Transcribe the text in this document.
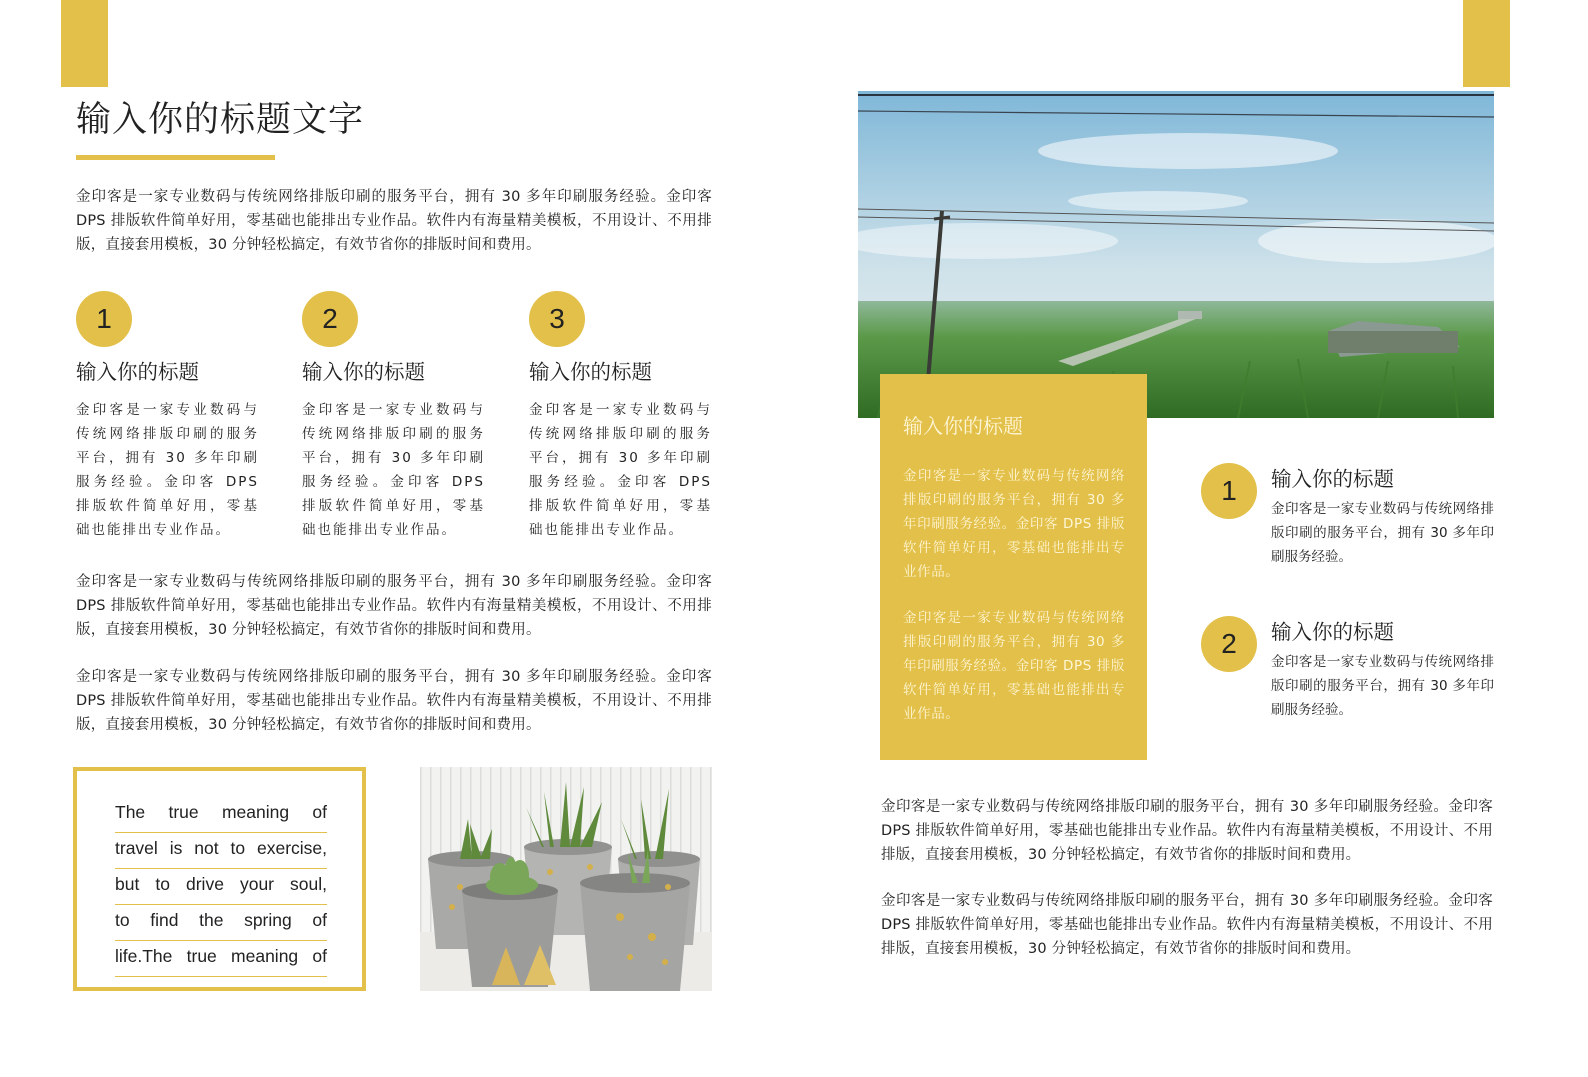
输入你的标题文字
金印客是一家专业数码与传统网络排版印刷的服务平台，拥有 30 多年印刷服务经验。金印客 DPS 排版软件简单好用，零基础也能排出专业作品。软件内有海量精美模板，不用设计、不用排版，直接套用模板，30 分钟轻松搞定，有效节省你的排版时间和费用。
1
输入你的标题
金印客是一家专业数码与传统网络排版印刷的服务平台，拥有 30 多年印刷服务经验。金印客 DPS 排版软件简单好用，零基础也能排出专业作品。
2
输入你的标题
金印客是一家专业数码与传统网络排版印刷的服务平台，拥有 30 多年印刷服务经验。金印客 DPS 排版软件简单好用，零基础也能排出专业作品。
3
输入你的标题
金印客是一家专业数码与传统网络排版印刷的服务平台，拥有 30 多年印刷服务经验。金印客 DPS 排版软件简单好用，零基础也能排出专业作品。
金印客是一家专业数码与传统网络排版印刷的服务平台，拥有 30 多年印刷服务经验。金印客 DPS 排版软件简单好用，零基础也能排出专业作品。软件内有海量精美模板，不用设计、不用排版，直接套用模板，30 分钟轻松搞定，有效节省你的排版时间和费用。
金印客是一家专业数码与传统网络排版印刷的服务平台，拥有 30 多年印刷服务经验。金印客 DPS 排版软件简单好用，零基础也能排出专业作品。软件内有海量精美模板，不用设计、不用排版，直接套用模板，30 分钟轻松搞定，有效节省你的排版时间和费用。
The true meaning of
travel is not to exercise,
but to drive your soul,
to find the spring of
life.The true meaning of
输入你的标题

金印客是一家专业数码与传统网络排版印刷的服务平台，拥有 30 多年印刷服务经验。金印客 DPS 排版软件简单好用，零基础也能排出专业作品。

金印客是一家专业数码与传统网络排版印刷的服务平台，拥有 30 多年印刷服务经验。金印客 DPS 排版软件简单好用，零基础也能排出专业作品。

1	输入你的标题
金印客是一家专业数码与传统网络排版印刷的服务平台，拥有 30 多年印刷服务经验。
2	输入你的标题
金印客是一家专业数码与传统网络排版印刷的服务平台，拥有 30 多年印刷服务经验。
金印客是一家专业数码与传统网络排版印刷的服务平台，拥有 30 多年印刷服务经验。金印客 DPS 排版软件简单好用，零基础也能排出专业作品。软件内有海量精美模板，不用设计、不用排版，直接套用模板，30 分钟轻松搞定，有效节省你的排版时间和费用。
金印客是一家专业数码与传统网络排版印刷的服务平台，拥有 30 多年印刷服务经验。金印客 DPS 排版软件简单好用，零基础也能排出专业作品。软件内有海量精美模板，不用设计、不用排版，直接套用模板，30 分钟轻松搞定，有效节省你的排版时间和费用。
